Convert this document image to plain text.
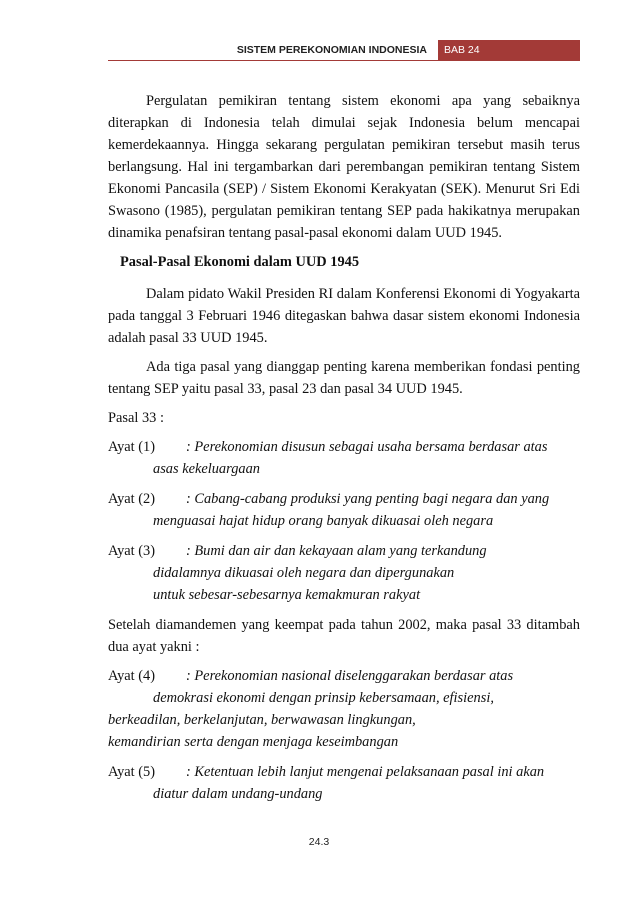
SISTEM PEREKONOMIAN INDONESIA	BAB 24

Pergulatan pemikiran tentang sistem ekonomi apa yang sebaiknya diterapkan di Indonesia telah dimulai sejak Indonesia belum mencapai kemerdekaannya. Hingga sekarang pergulatan pemikiran tersebut masih terus berlangsung. Hal ini tergambarkan dari perembangan pemikiran tentang Sistem Ekonomi Pancasila (SEP) / Sistem Ekonomi Kerakyatan (SEK). Menurut Sri Edi Swasono (1985), pergulatan pemikiran tentang SEP pada hakikatnya merupakan dinamika penafsiran tentang pasal-pasal ekonomi dalam UUD 1945.

Pasal-Pasal Ekonomi dalam UUD 1945

Dalam pidato Wakil Presiden RI dalam Konferensi Ekonomi di Yogyakarta pada tanggal 3 Februari 1946 ditegaskan bahwa dasar sistem ekonomi Indonesia adalah pasal 33 UUD 1945.

Ada tiga pasal yang dianggap penting karena memberikan fondasi penting tentang SEP yaitu pasal 33, pasal 23 dan pasal 34 UUD 1945.

Pasal 33 :

Ayat (1) : Perekonomian disusun sebagai usaha bersama berdasar atas
asas kekeluargaan
Ayat (2) : Cabang-cabang produksi yang penting bagi negara dan yang
menguasai hajat hidup orang banyak dikuasai oleh negara
Ayat (3) : Bumi dan air dan kekayaan alam yang terkandung
didalamnya dikuasai oleh negara dan dipergunakan
untuk sebesar-sebesarnya kemakmuran rakyat

Setelah diamandemen yang keempat pada tahun 2002, maka pasal 33 ditambah dua ayat yakni :

Ayat (4) : Perekonomian nasional diselenggarakan berdasar atas
demokrasi ekonomi dengan prinsip kebersamaan, efisiensi,
berkeadilan, berkelanjutan, berwawasan lingkungan,
kemandirian serta dengan menjaga keseimbangan
Ayat (5) : Ketentuan lebih lanjut mengenai pelaksanaan pasal ini akan
diatur dalam undang-undang
24.3
